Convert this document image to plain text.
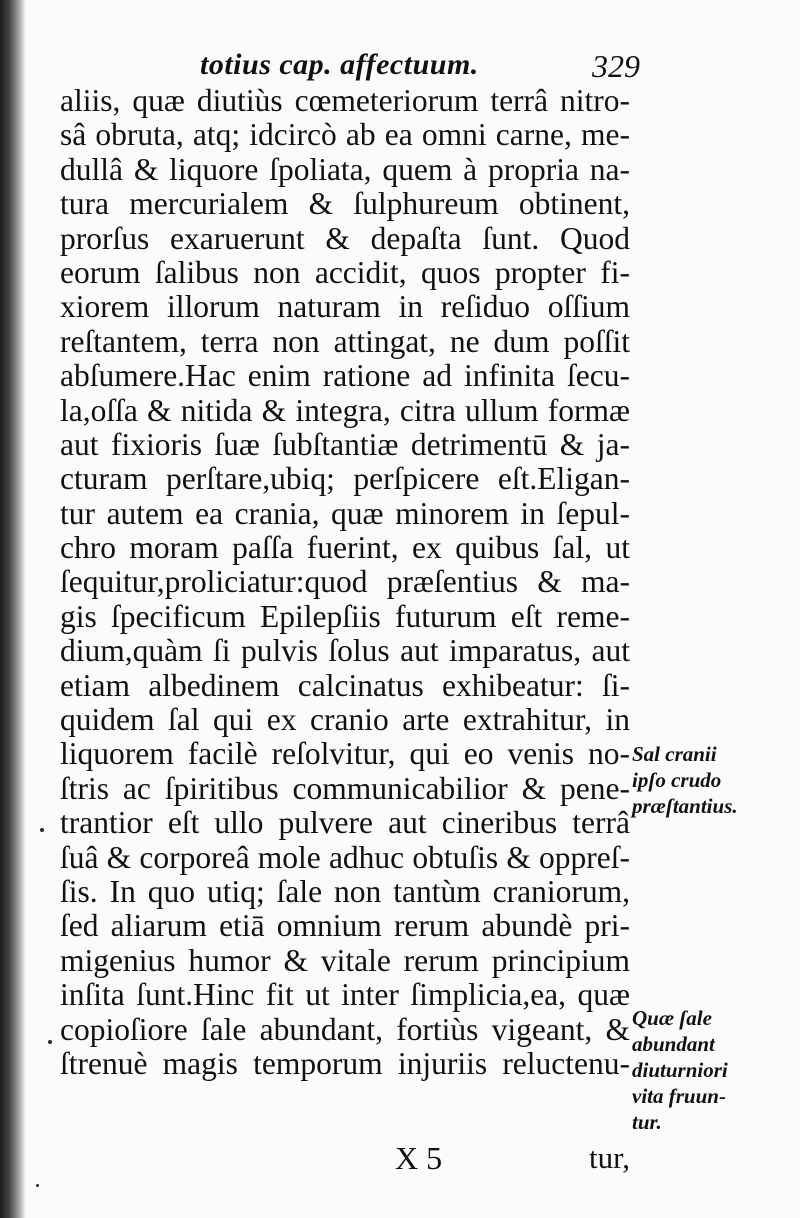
totius cap. affectuum.	329
aliis, quæ diutiùs cœmeteriorum terrâ nitro-
sâ obruta, atq; idcircò ab ea omni carne, me-
dullâ & liquore ſpoliata, quem à propria na-
tura mercurialem & ſulphureum obtinent,
prorſus exaruerunt & depaſta ſunt. Quod
eorum ſalibus non accidit, quos propter fi-
xiorem illorum naturam in reſiduo oſſium
reſtantem, terra non attingat, ne dum poſſit
abſumere.Hac enim ratione ad infinita ſecu-
la,oſſa & nitida & integra, citra ullum formæ
aut fixioris ſuæ ſubſtantiæ detrimentū & ja-
cturam perſtare,ubiq; perſpicere eſt.Eligan-
tur autem ea crania, quæ minorem in ſepul-
chro moram paſſa fuerint, ex quibus ſal, ut
ſequitur,proliciatur:quod præſentius & ma-
gis ſpecificum Epilepſiis futurum eſt reme-
dium,quàm ſi pulvis ſolus aut imparatus, aut
etiam albedinem calcinatus exhibeatur: ſi-
quidem ſal qui ex cranio arte extrahitur, in
liquorem facilè reſolvitur, qui eo venis no-
ſtris ac ſpiritibus communicabilior & pene-
trantior eſt ullo pulvere aut cineribus terrâ
ſuâ & corporeâ mole adhuc obtuſis & oppreſ-
ſis. In quo utiq; ſale non tantùm craniorum,
ſed aliarum etiā omnium rerum abundè pri-
migenius humor & vitale rerum principium
inſita ſunt.Hinc fit ut inter ſimplicia,ea, quæ
copioſiore ſale abundant, fortiùs vigeant, &
ſtrenuè magis temporum injuriis reluctenu-
Sal cranii
ipſo crudo
præſtantius.
Quæ ſale
abundant
diuturniori
vita fruun-
tur.
X 5	tur,
